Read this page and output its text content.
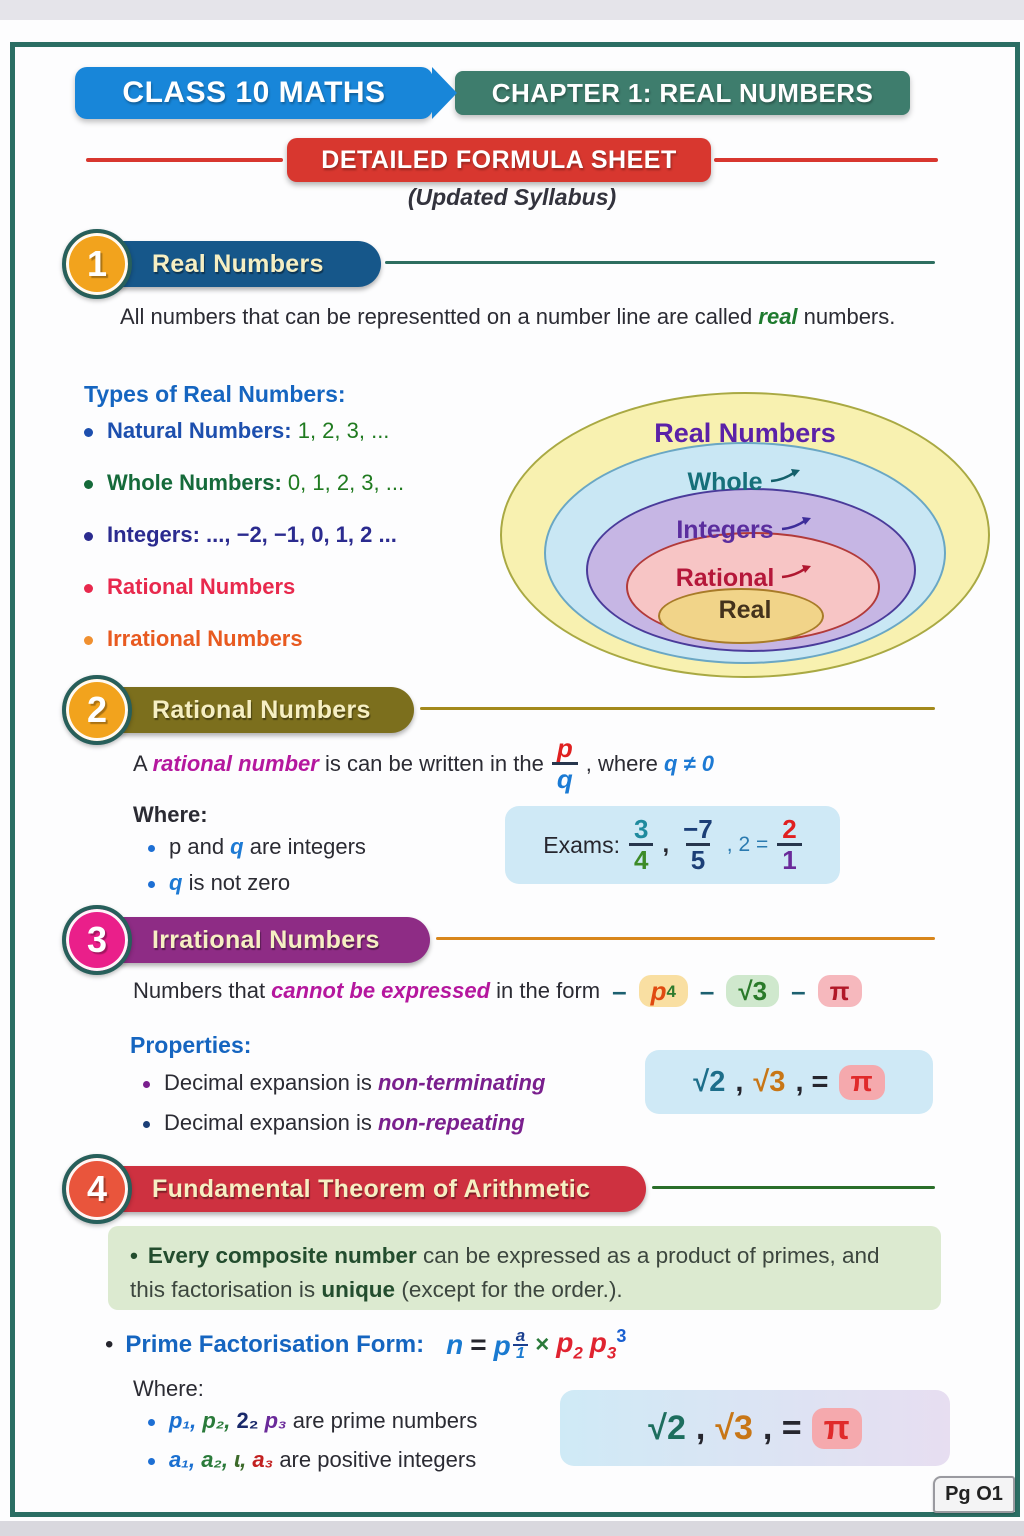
CLASS 10 MATHS	CHAPTER 1: REAL NUMBERS
DETAILED FORMULA SHEET
(Updated Syllabus)
1	Real Numbers
All numbers that can be representted on a number line are called real numbers.
Types of Real Numbers:
Natural Numbers: 1, 2, 3, ...
Whole Numbers: 0, 1, 2, 3, ...
Integers: ..., −2, −1, 0, 1, 2 ...
Rational Numbers
Irrational Numbers
Real Numbers
Whole
Integers
Rational
Real
2	Rational Numbers
A rational number is can be written in the $\frac{p}{q}$ , where q ≠ 0
Where:
p and q are integers
q is not zero
Exams: $\frac{3}{4}$ , $\frac{-7}{5}$ , $2 = \frac{2}{1}$
3	Irrational Numbers
Numbers that cannot be expressed in the form – p 4 – √3 – π
Properties:
Decimal expansion is non-terminating
Decimal expansion is non-repeating
√2 , √3 , = π
4	Fundamental Theorem of Arithmetic
• Every composite number can be expressed as a product of primes, and this factorisation is unique (except for the order.).
• Prime Factorisation Form: n = p a
$1 \times p_2$ $p_3^3$
Where:
p₁, p₂, 2₂ p₃ are prime numbers
a₁, a₂, ɩ, a₃ are positive integers
√2 , √3 , = π
Pg O1
